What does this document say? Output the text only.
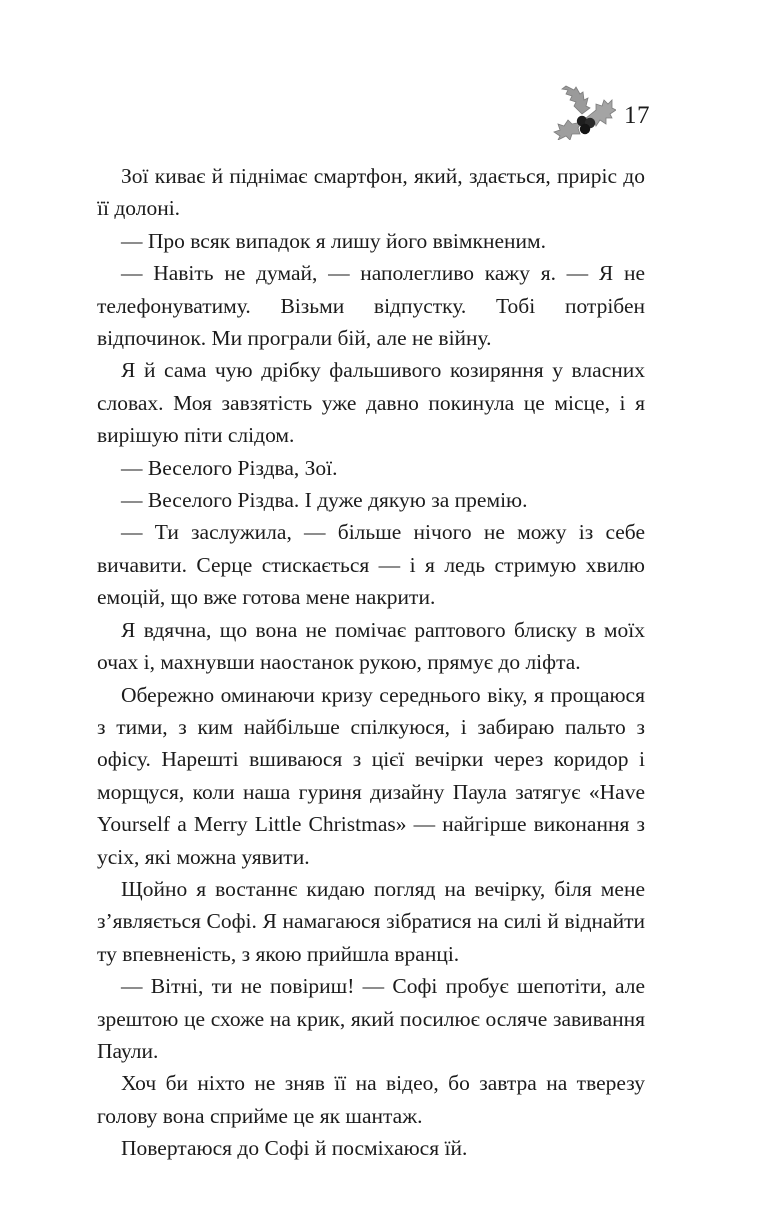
17

Зої киває й піднімає смартфон, який, здається, приріс до її долоні.

— Про всяк випадок я лишу його ввімкненим.

— Навіть не думай, — наполегливо кажу я. — Я не телефонуватиму. Візьми відпустку. Тобі потрібен відпочинок. Ми програли бій, але не війну.

Я й сама чую дрібку фальшивого козиряння у власних словах. Моя завзятість уже давно покинула це місце, і я вирішую піти слідом.

— Веселого Різдва, Зої.

— Веселого Різдва. І дуже дякую за премію.

— Ти заслужила, — більше нічого не можу із себе вичавити. Серце стискається — і я ледь стримую хвилю емоцій, що вже готова мене накрити.

Я вдячна, що вона не помічає раптового блиску в моїх очах і, махнувши наостанок рукою, прямує до ліфта.

Обережно оминаючи кризу середнього віку, я прощаюся з тими, з ким найбільше спілкуюся, і забираю пальто з офісу. Нарешті вшиваюся з цієї вечірки через коридор і морщуся, коли наша гуриня дизайну Паула затягує «Have Yourself a Merry Little Christmas» — найгірше виконання з усіх, які можна уявити.

Щойно я востаннє кидаю погляд на вечірку, біля мене з’являється Софі. Я намагаюся зібратися на силі й віднайти ту впевненість, з якою прийшла вранці.

— Вітні, ти не повіриш! — Софі пробує шепотіти, але зрештою це схоже на крик, який посилює осляче завивання Паули.

Хоч би ніхто не зняв її на відео, бо завтра на тверезу голову вона сприйме це як шантаж.

Повертаюся до Софі й посміхаюся їй.
